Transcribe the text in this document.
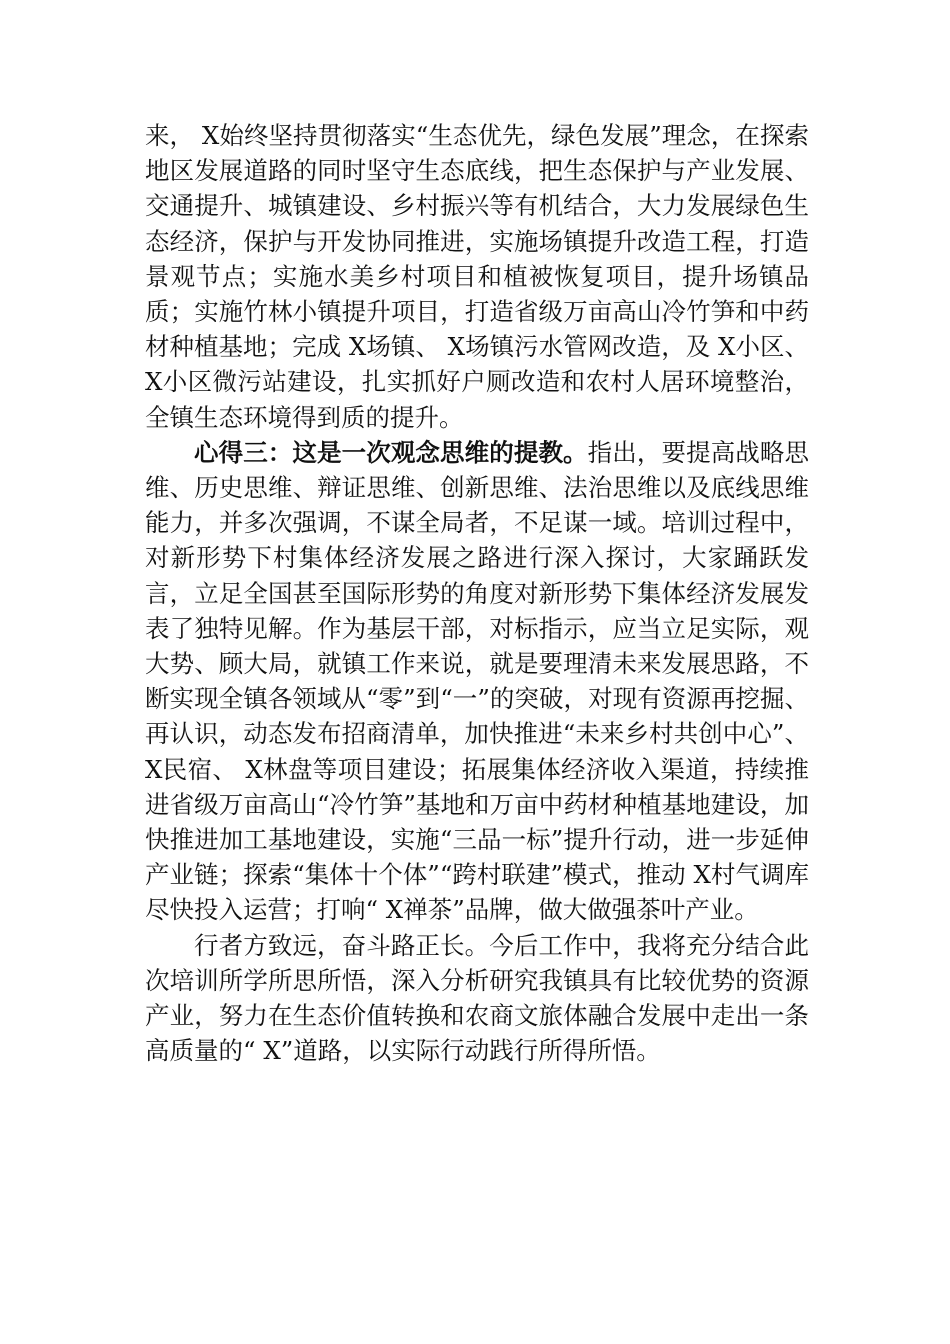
来， X始终坚持贯彻落实“生态优先，绿色发展”理念，在探索地区发展道路的同时坚守生态底线，把生态保护与产业发展、交通提升、城镇建设、乡村振兴等有机结合，大力发展绿色生态经济，保护与开发协同推进，实施场镇提升改造工程，打造景观节点；实施水美乡村项目和植被恢复项目，提升场镇品质；实施竹林小镇提升项目，打造省级万亩高山冷竹笋和中药材种植基地；完成 X场镇、 X场镇污水管网改造，及 X小区、 X小区微污站建设，扎实抓好户厕改造和农村人居环境整治，全镇生态环境得到质的提升。

心得三：这是一次观念思维的提教。指出，要提高战略思维、历史思维、辩证思维、创新思维、法治思维以及底线思维能力，并多次强调，不谋全局者，不足谋一域。培训过程中，对新形势下村集体经济发展之路进行深入探讨，大家踊跃发言，立足全国甚至国际形势的角度对新形势下集体经济发展发表了独特见解。作为基层干部，对标指示，应当立足实际，观大势、顾大局，就镇工作来说，就是要理清未来发展思路，不断实现全镇各领域从“零”到“一”的突破，对现有资源再挖掘、再认识，动态发布招商清单，加快推进“未来乡村共创中心”、 X民宿、 X林盘等项目建设；拓展集体经济收入渠道，持续推进省级万亩高山“冷竹笋”基地和万亩中药材种植基地建设，加快推进加工基地建设，实施“三品一标”提升行动，进一步延伸产业链；探索“集体十个体”“跨村联建”模式，推动 X村气调库尽快投入运营；打响“ X禅茶”品牌，做大做强茶叶产业。

行者方致远，奋斗路正长。今后工作中，我将充分结合此次培训所学所思所悟，深入分析研究我镇具有比较优势的资源产业，努力在生态价值转换和农商文旅体融合发展中走出一条高质量的“ X”道路，以实际行动践行所得所悟。
